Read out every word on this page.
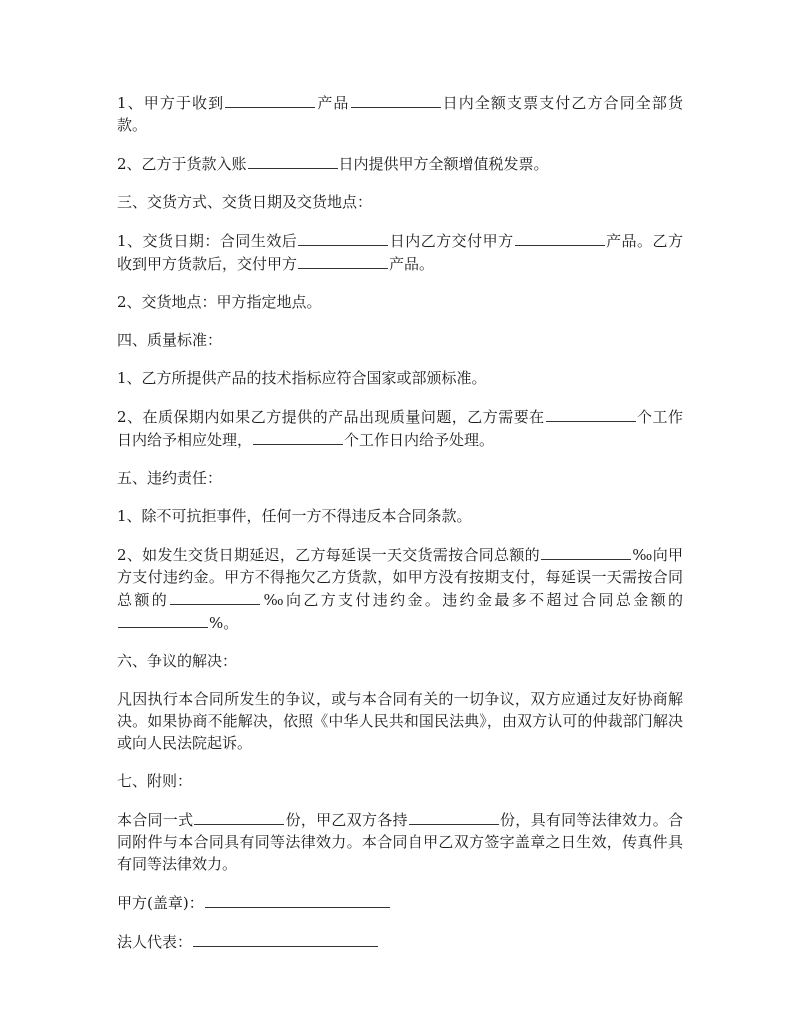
1、甲方于收到	产品	日内全额支票支付乙方合同全部货款。

2、乙方于货款入账	日内提供甲方全额增值税发票。

三、交货方式、交货日期及交货地点：

1、交货日期：合同生效后	日内乙方交付甲方	产品。乙方收到甲方货款后，交付甲方	产品。

2、交货地点：甲方指定地点。

四、质量标准：

1、乙方所提供产品的技术指标应符合国家或部颁标准。

2、在质保期内如果乙方提供的产品出现质量问题，乙方需要在	个工作日内给予相应处理，	个工作日内给予处理。

五、违约责任：

1、除不可抗拒事件，任何一方不得违反本合同条款。

2、如发生交货日期延迟，乙方每延误一天交货需按合同总额的	‰向甲方支付违约金。甲方不得拖欠乙方货款，如甲方没有按期支付，每延误一天需按合同总额的	‰向乙方支付违约金。违约金最多不超过合同总金额的%。

六、争议的解决：

凡因执行本合同所发生的争议，或与本合同有关的一切争议，双方应通过友好协商解决。如果协商不能解决，依照《中华人民共和国民法典》，由双方认可的仲裁部门解决或向人民法院起诉。

七、附则：

本合同一式	份，甲乙双方各持	份，具有同等法律效力。合同附件与本合同具有同等法律效力。本合同自甲乙双方签字盖章之日生效，传真件具有同等法律效力。

甲方(盖章)：

法人代表：
